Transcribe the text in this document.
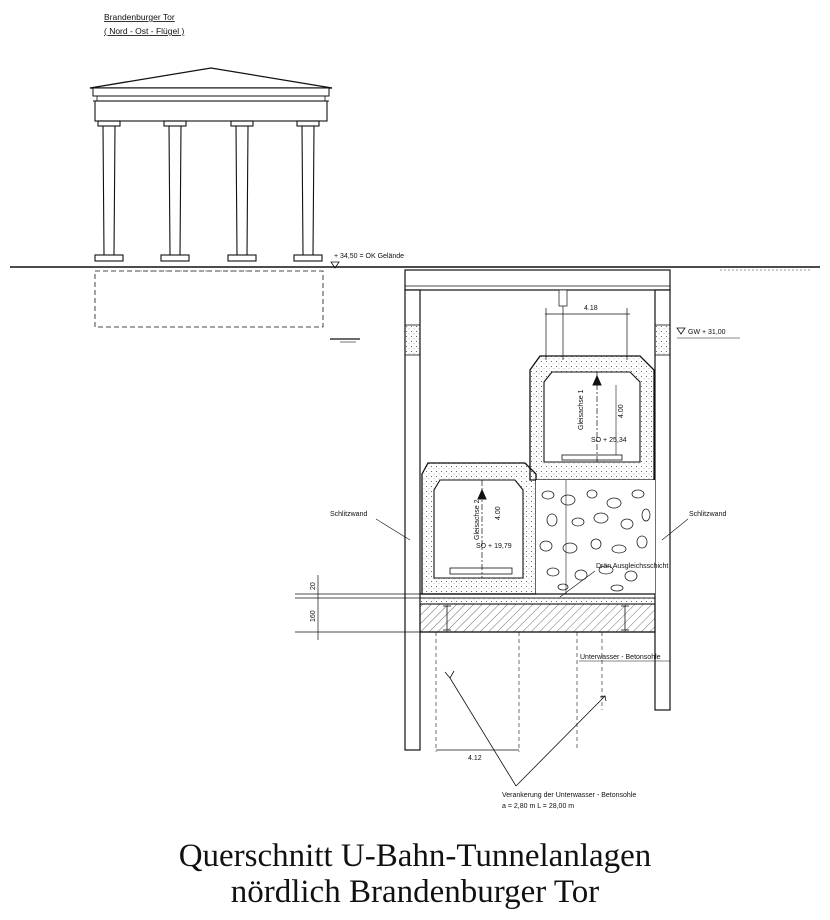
Brandenburger Tor
( Nord - Ost - Flügel )
+ 34,50 = OK Gelände
GW + 31,00
4.18
Gleisachse 1	4.00
SO + 25,34
Gleisachse 2 4.00
SO + 19,79
20
160
4.12
Verankerung der Unterwasser - Betonsohle
a = 2,80 m L = 28,00 m
Schlitzwand	Schlitzwand
Drän Ausgleichsschicht
Unterwasser - Betonsohle
Querschnitt U-Bahn-Tunnelanlagen
nördlich Brandenburger Tor
